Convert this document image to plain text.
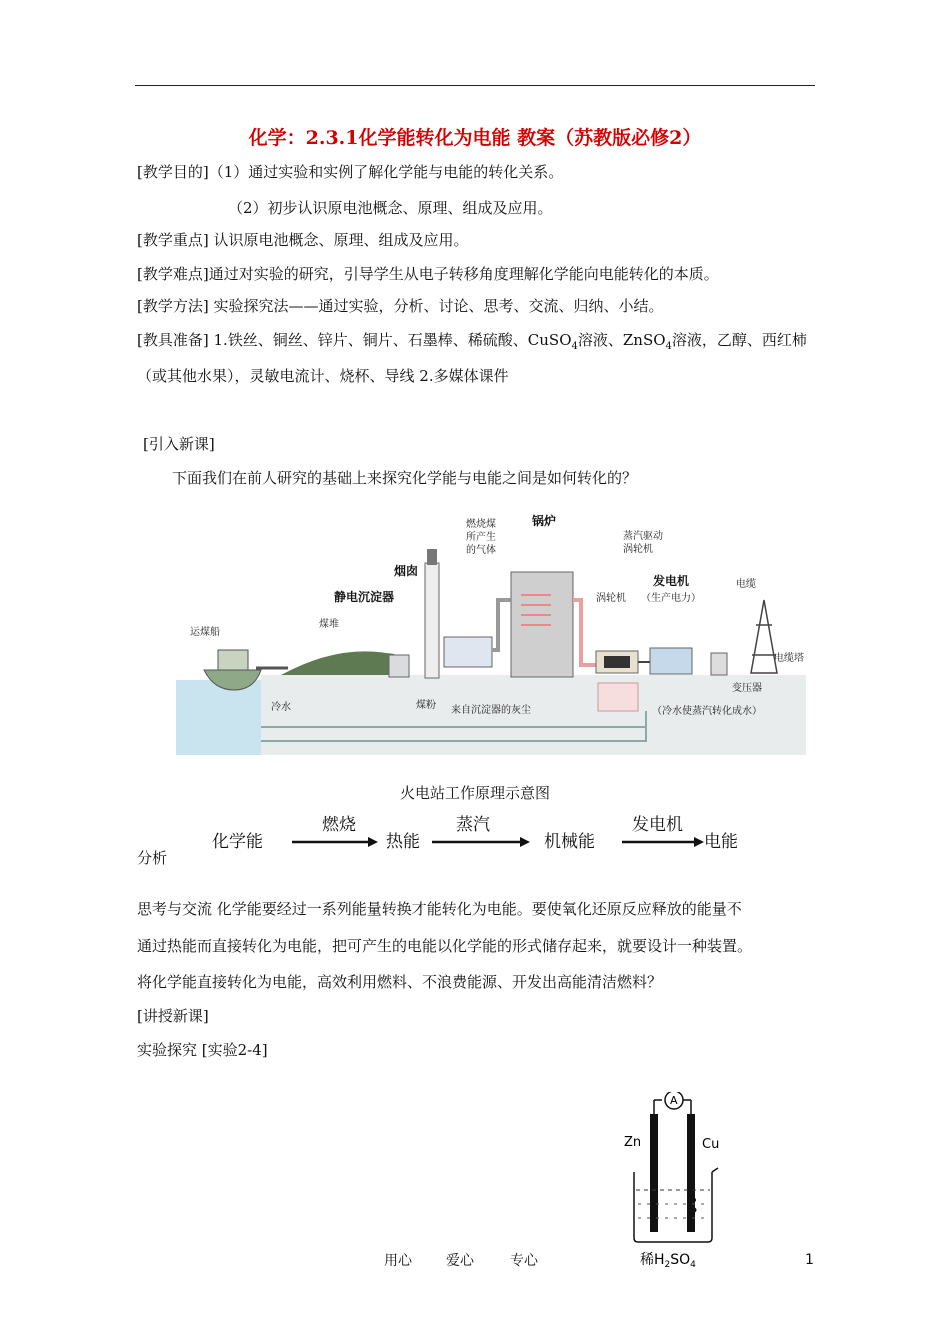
化学：2.3.1化学能转化为电能 教案（苏教版必修2）
[教学目的]（1）通过实验和实例了解化学能与电能的转化关系。
（2）初步认识原电池概念、原理、组成及应用。
[教学重点] 认识原电池概念、原理、组成及应用。
[教学难点]通过对实验的研究，引导学生从电子转移角度理解化学能向电能转化的本质。
[教学方法] 实验探究法——通过实验，分析、讨论、思考、交流、归纳、小结。
[教具准备] 1.铁丝、铜丝、锌片、铜片、石墨棒、稀硫酸、CuSO$_4$溶液、ZnSO$_4$溶液，乙醇、西红柿
（或其他水果），灵敏电流计、烧杯、导线 2.多媒体课件
[引入新课]
下面我们在前人研究的基础上来探究化学能与电能之间是如何转化的？
燃烧煤
所产生
的气体
锅炉
蒸汽驱动
涡轮机
烟囱
静电沉淀器
发电机
（生产电力）
涡轮机
电缆
运煤船
煤堆
电缆塔
变压器
冷水	煤粉 来自沉淀器的灰尘	（冷水使蒸汽转化成水）
火电站工作原理示意图
化学能
燃烧
热能
蒸汽
机械能
发电机
电能
分析
思考与交流 化学能要经过一系列能量转换才能转化为电能。要使氧化还原反应释放的能量不
通过热能而直接转化为电能，把可产生的电能以化学能的形式储存起来，就要设计一种装置。
将化学能直接转化为电能，高效利用燃料、不浪费能源、开发出高能清洁燃料？
[讲授新课]
实验探究 [实验2-4]
A
Zn	Cu
稀$H_2SO_4$
用心 爱心	专心	1
